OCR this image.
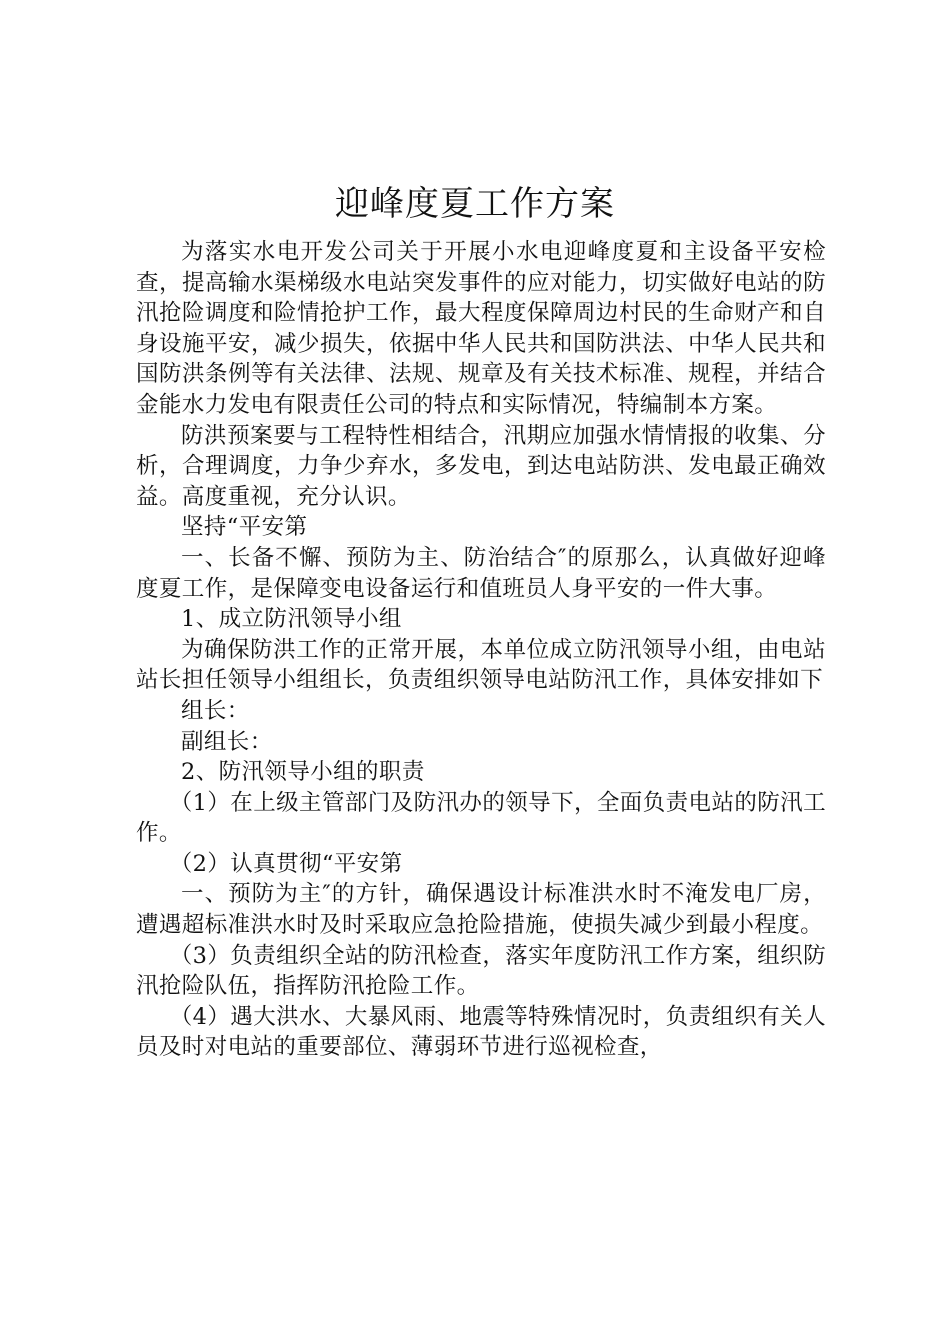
迎峰度夏工作方案

为落实水电开发公司关于开展小水电迎峰度夏和主设备平安检查，提高输水渠梯级水电站突发事件的应对能力，切实做好电站的防汛抢险调度和险情抢护工作，最大程度保障周边村民的生命财产和自身设施平安，减少损失，依据中华人民共和国防洪法、中华人民共和国防洪条例等有关法律、法规、规章及有关技术标准、规程，并结合金能水力发电有限责任公司的特点和实际情况，特编制本方案。

防洪预案要与工程特性相结合，汛期应加强水情情报的收集、分析，合理调度，力争少弃水，多发电，到达电站防洪、发电最正确效益。高度重视，充分认识。

坚持“平安第

一、长备不懈、预防为主、防治结合″的原那么，认真做好迎峰度夏工作，是保障变电设备运行和值班员人身平安的一件大事。

1、成立防汛领导小组

为确保防洪工作的正常开展，本单位成立防汛领导小组，由电站站长担任领导小组组长，负责组织领导电站防汛工作，具体安排如下

组长：

副组长：

2、防汛领导小组的职责

（1）在上级主管部门及防汛办的领导下，全面负责电站的防汛工作。

（2）认真贯彻“平安第

一、预防为主″的方针，确保遇设计标准洪水时不淹发电厂房，遭遇超标准洪水时及时采取应急抢险措施，使损失减少到最小程度。

（3）负责组织全站的防汛检查，落实年度防汛工作方案，组织防汛抢险队伍，指挥防汛抢险工作。

（4）遇大洪水、大暴风雨、地震等特殊情况时，负责组织有关人员及时对电站的重要部位、薄弱环节进行巡视检查，
